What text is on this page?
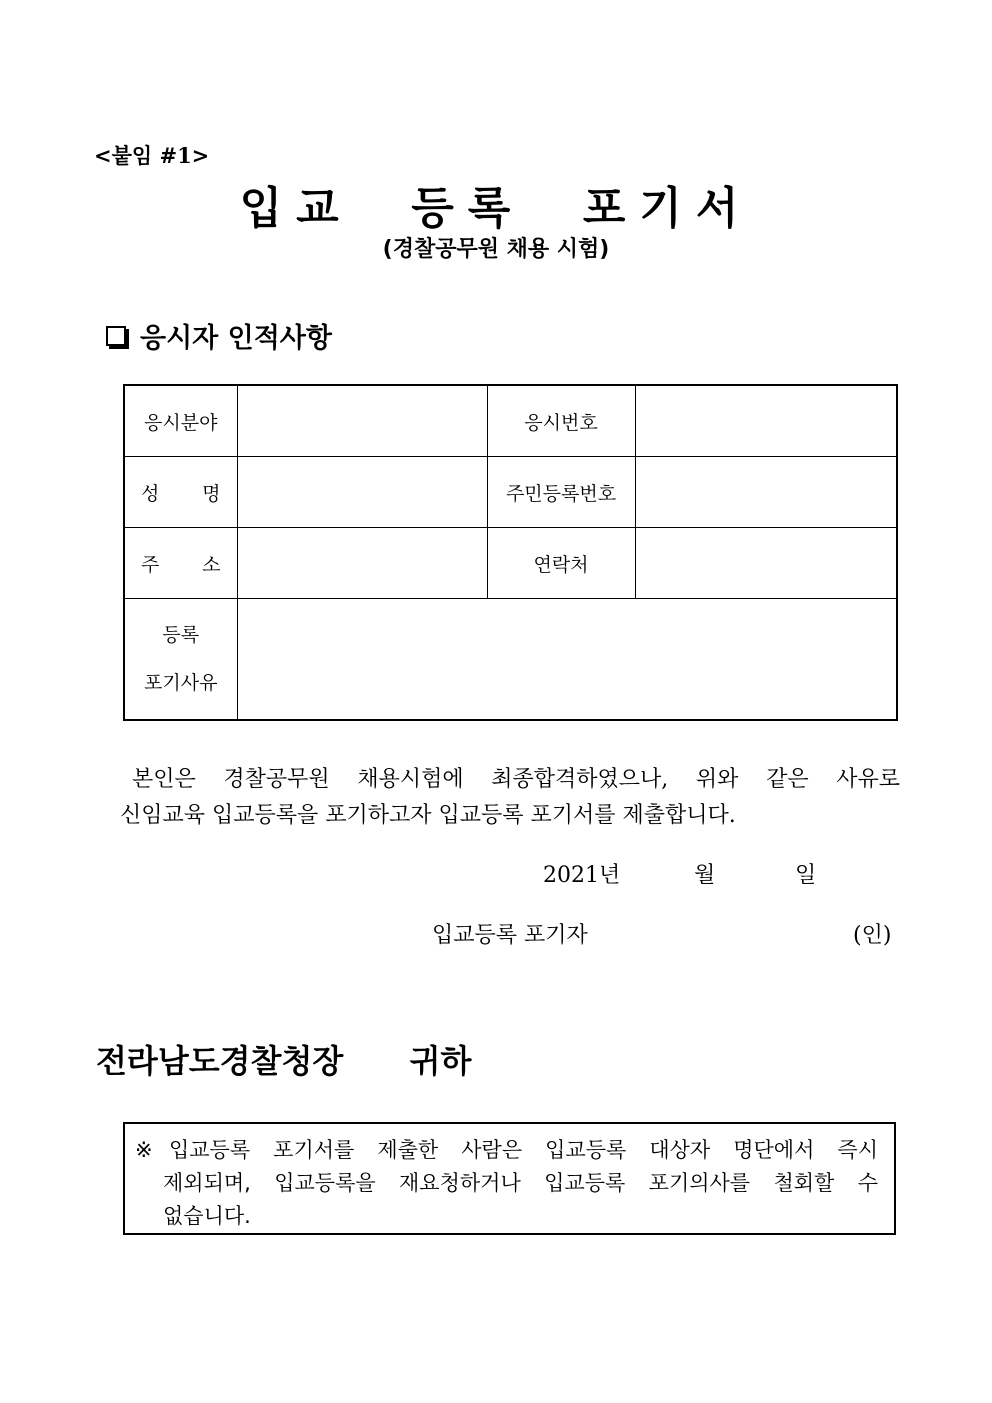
<붙임 #1>
입교  등록  포기서
(경찰공무원 채용 시험)
응시자 인적사항
응시분야		응시번호	

성 명		주민등록번호	

주 소		연락처	

등록
포기사유			

본인은 경찰공무원 채용시험에 최종합격하였으나, 위와 같은 사유로
신임교육 입교등록을 포기하고자 입교등록 포기서를 제출합니다.
2021년	월	일
입교등록 포기자	(인)
전라남도경찰청장 귀하
※입교등록 포기서를 제출한 사람은 입교등록 대상자 명단에서 즉시
제외되며, 입교등록을 재요청하거나 입교등록 포기의사를 철회할 수
없습니다.
